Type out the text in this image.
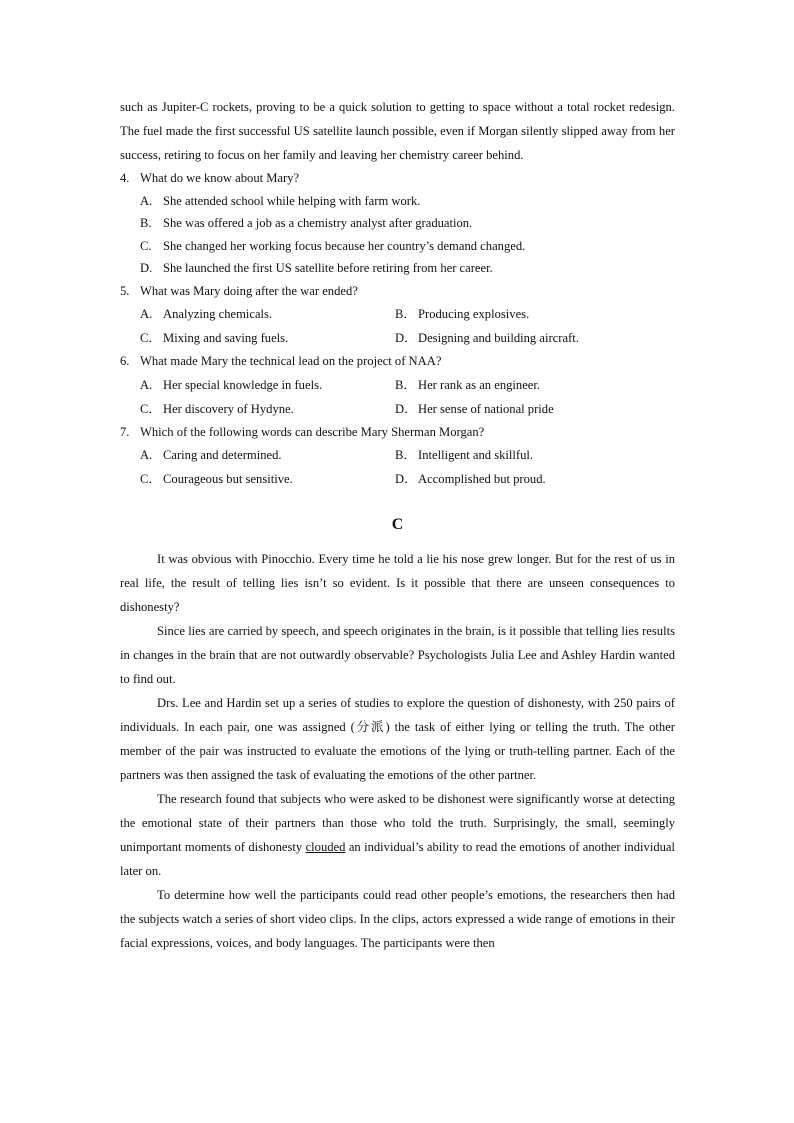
such as Jupiter-C rockets, proving to be a quick solution to getting to space without a total rocket redesign. The fuel made the first successful US satellite launch possible, even if Morgan silently slipped away from her success, retiring to focus on her family and leaving her chemistry career behind.

4. What do we know about Mary?

A. She attended school while helping with farm work.
B. She was offered a job as a chemistry analyst after graduation.
C. She changed her working focus because her country’s demand changed.
D. She launched the first US satellite before retiring from her career.

5. What was Mary doing after the war ended?

A. Analyzing chemicals.	B． Producing explosives.
C． Mixing and saving fuels.	D．Designing and building aircraft.

6. What made Mary the technical lead on the project of NAA?

A. Her special knowledge in fuels.	B． Her rank as an engineer.
C． Her discovery of Hydyne.	D．Her sense of national pride

7. Which of the following words can describe Mary Sherman Morgan?

A. Caring and determined.	B． Intelligent and skillful.
C． Courageous but sensitive.	D．Accomplished but proud.
C

It was obvious with Pinocchio. Every time he told a lie his nose grew longer. But for the rest of us in real life, the result of telling lies isn’t so evident. Is it possible that there are unseen consequences to dishonesty?

Since lies are carried by speech, and speech originates in the brain, is it possible that telling lies results in changes in the brain that are not outwardly observable? Psychologists Julia Lee and Ashley Hardin wanted to find out.

Drs. Lee and Hardin set up a series of studies to explore the question of dishonesty, with 250 pairs of individuals. In each pair, one was assigned (分派) the task of either lying or telling the truth. The other member of the pair was instructed to evaluate the emotions of the lying or truth-telling partner. Each of the partners was then assigned the task of evaluating the emotions of the other partner.

The research found that subjects who were asked to be dishonest were significantly worse at detecting the emotional state of their partners than those who told the truth. Surprisingly, the small, seemingly unimportant moments of dishonesty clouded an individual’s ability to read the emotions of another individual later on.

To determine how well the participants could read other people’s emotions, the researchers then had the subjects watch a series of short video clips. In the clips, actors expressed a wide range of emotions in their facial expressions, voices, and body languages. The participants were then
